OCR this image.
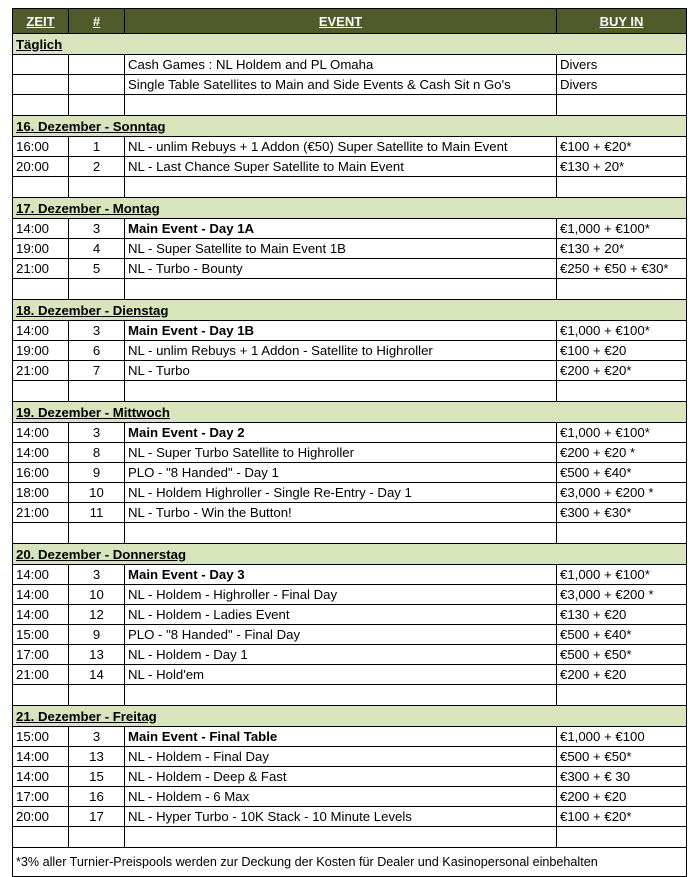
ZEIT	#	EVENT	BUY IN
Täglich			
		Cash Games : NL Holdem and PL Omaha	Divers
		Single Table Satellites to Main and Side Events & Cash Sit n Go's	Divers

16. Dezember - Sonntag			
16:00	1	NL - unlim Rebuys + 1 Addon (€50) Super Satellite to Main Event	€100 + €20*
20:00	2	NL - Last Chance Super Satellite to Main Event	€130 + 20*

17. Dezember - Montag			
14:00	3	Main Event - Day 1A	€1,000 + €100*
19:00	4	NL - Super Satellite to Main Event 1B	€130 + 20*
21:00	5	NL - Turbo - Bounty	€250 + €50 + €30*

18. Dezember - Dienstag			
14:00	3	Main Event - Day 1B	€1,000 + €100*
19:00	6	NL - unlim Rebuys + 1 Addon - Satellite to Highroller	€100 + €20
21:00	7	NL - Turbo	€200 + €20*

19. Dezember - Mittwoch			
14:00	3	Main Event - Day 2	€1,000 + €100*
14:00	8	NL - Super Turbo Satellite to Highroller	€200 + €20 *
16:00	9	PLO - "8 Handed" - Day 1	€500 + €40*
18:00	10	NL - Holdem Highroller - Single Re-Entry - Day 1	€3,000 + €200 *
21:00	11	NL - Turbo - Win the Button!	€300 + €30*

20. Dezember - Donnerstag			
14:00	3	Main Event - Day 3	€1,000 + €100*
14:00	10	NL - Holdem - Highroller - Final Day	€3,000 + €200 *
14:00	12	NL - Holdem - Ladies Event	€130 + €20
15:00	9	PLO - "8 Handed" - Final Day	€500 + €40*
17:00	13	NL - Holdem - Day 1	€500 + €50*
21:00	14	NL - Hold'em	€200 + €20

21. Dezember - Freitag			
15:00	3	Main Event - Final Table	€1,000 + €100
14:00	13	NL - Holdem - Final Day	€500 + €50*
14:00	15	NL - Holdem - Deep & Fast	€300 + € 30
17:00	16	NL - Holdem - 6 Max	€200 + €20
20:00	17	NL - Hyper Turbo - 10K Stack - 10 Minute Levels	€100 + €20*

*3% aller Turnier-Preispools werden zur Deckung der Kosten für Dealer und Kasinopersonal einbehalten			
